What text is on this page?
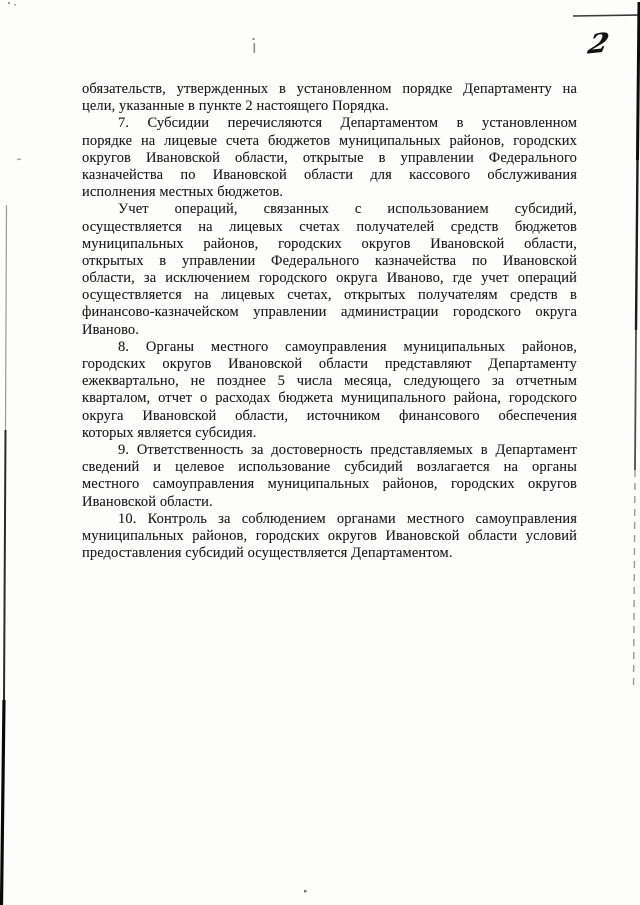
2
обязательств, утвержденных в установленном порядке Департаменту на
цели, указанные в пункте 2 настоящего Порядка.
7. Субсидии перечисляются Департаментом в установленном
порядке на лицевые счета бюджетов муниципальных районов, городских
округов Ивановской области, открытые в управлении Федерального
казначейства по Ивановской области для кассового обслуживания
исполнения местных бюджетов.
Учет операций, связанных с использованием субсидий,
осуществляется на лицевых счетах получателей средств бюджетов
муниципальных районов, городских округов Ивановской области,
открытых в управлении Федерального казначейства по Ивановской
области, за исключением городского округа Иваново, где учет операций
осуществляется на лицевых счетах, открытых получателям средств в
финансово-казначейском управлении администрации городского округа
Иваново.
8. Органы местного самоуправления муниципальных районов,
городских округов Ивановской области представляют Департаменту
ежеквартально, не позднее 5 числа месяца, следующего за отчетным
кварталом, отчет о расходах бюджета муниципального района, городского
округа Ивановской области, источником финансового обеспечения
которых является субсидия.
9. Ответственность за достоверность представляемых в Департамент
сведений и целевое использование субсидий возлагается на органы
местного самоуправления муниципальных районов, городских округов
Ивановской области.
10. Контроль за соблюдением органами местного самоуправления
муниципальных районов, городских округов Ивановской области условий
предоставления субсидий осуществляется Департаментом.
